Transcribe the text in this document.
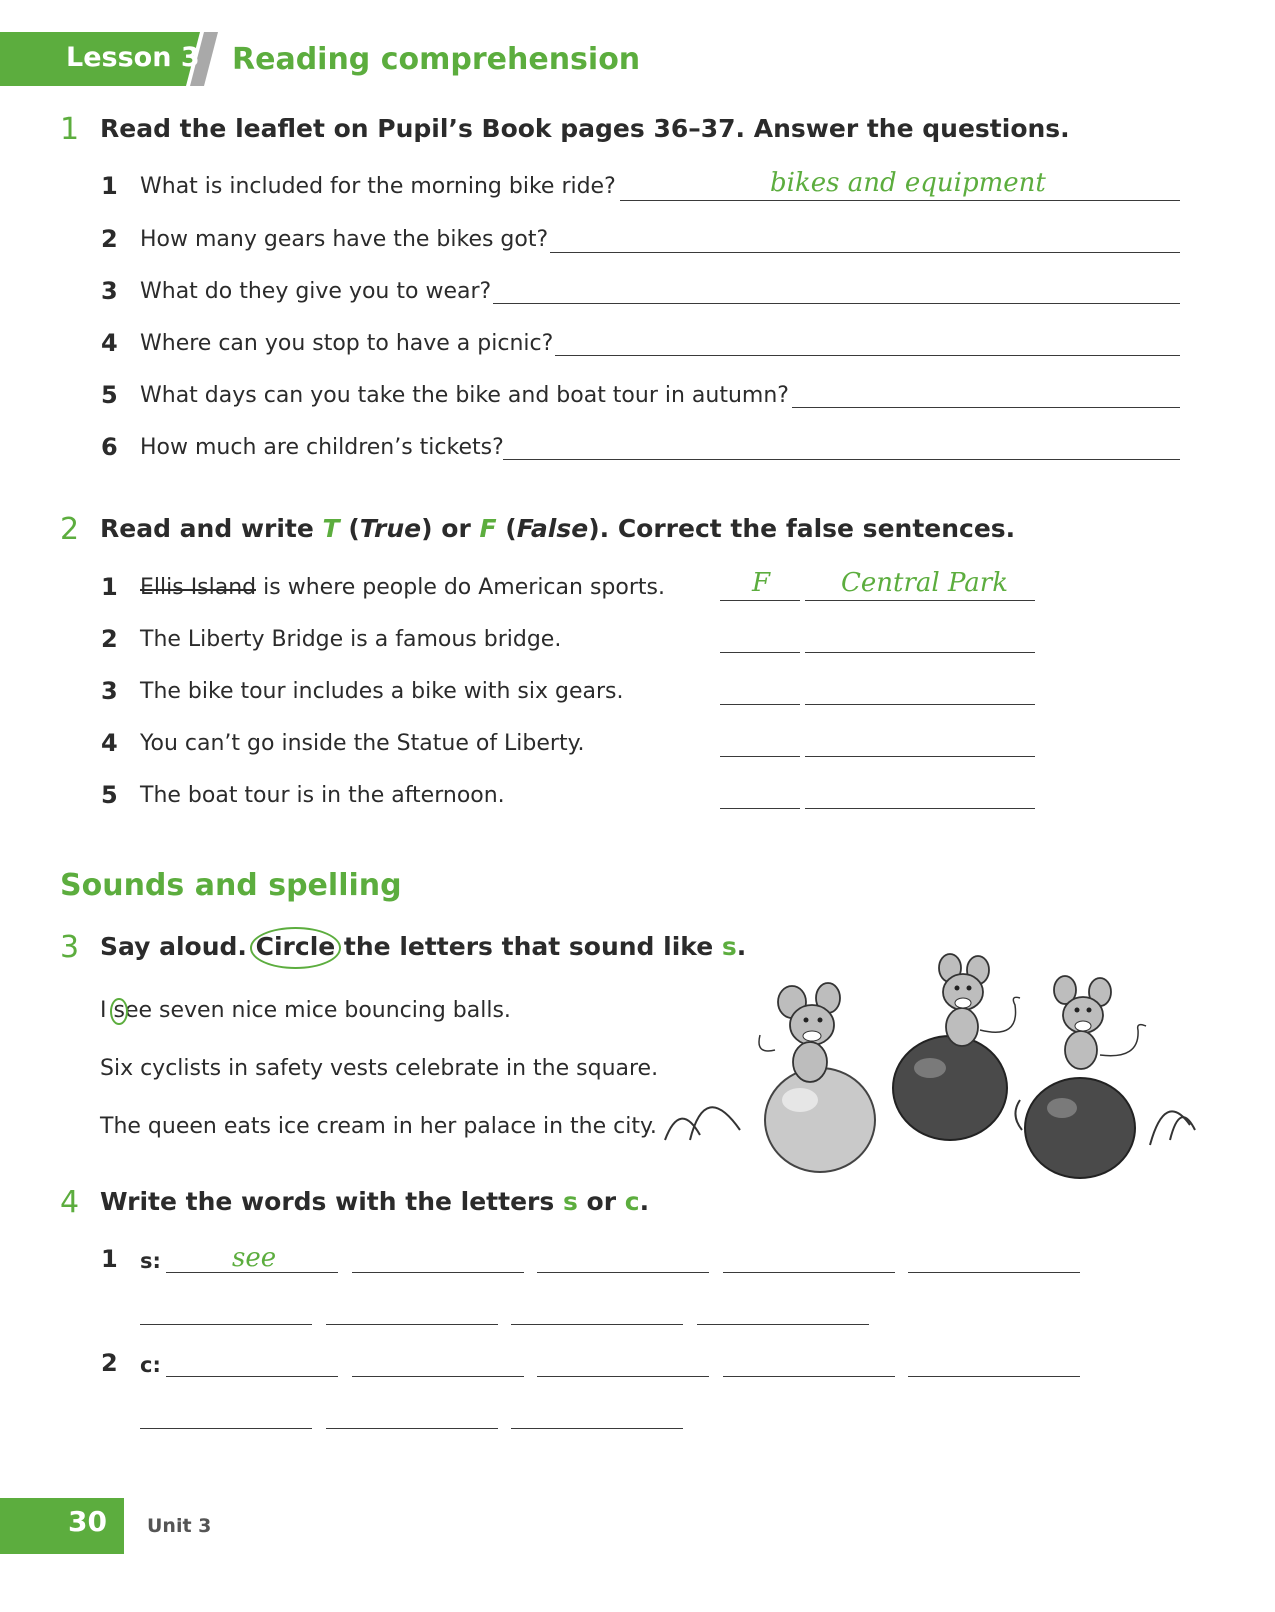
Lesson 3 Reading comprehension
1 Read the leaflet on Pupil’s Book pages 36–37. Answer the questions.
1 What is included for the morning bike ride?	bikes and equipment
2 How many gears have the bikes got?
3 What do they give you to wear?
4 Where can you stop to have a picnic?
5 What days can you take the bike and boat tour in autumn?
6 How much are children’s tickets?
2 Read and write T (True) or F (False). Correct the false sentences.
1 Ellis Island is where people do American sports.	F	Central Park
2 The Liberty Bridge is a famous bridge.
3 The bike tour includes a bike with six gears.
4 You can’t go inside the Statue of Liberty.
5 The boat tour is in the afternoon.
Sounds and spelling
3 Say aloud. Circle the letters that sound like s.
I see seven nice mice bouncing balls.
Six cyclists in safety vests celebrate in the square.
The queen eats ice cream in her palace in the city.
4 Write the words with the letters s or c.
1 s:	see
2 c:
30 Unit 3
